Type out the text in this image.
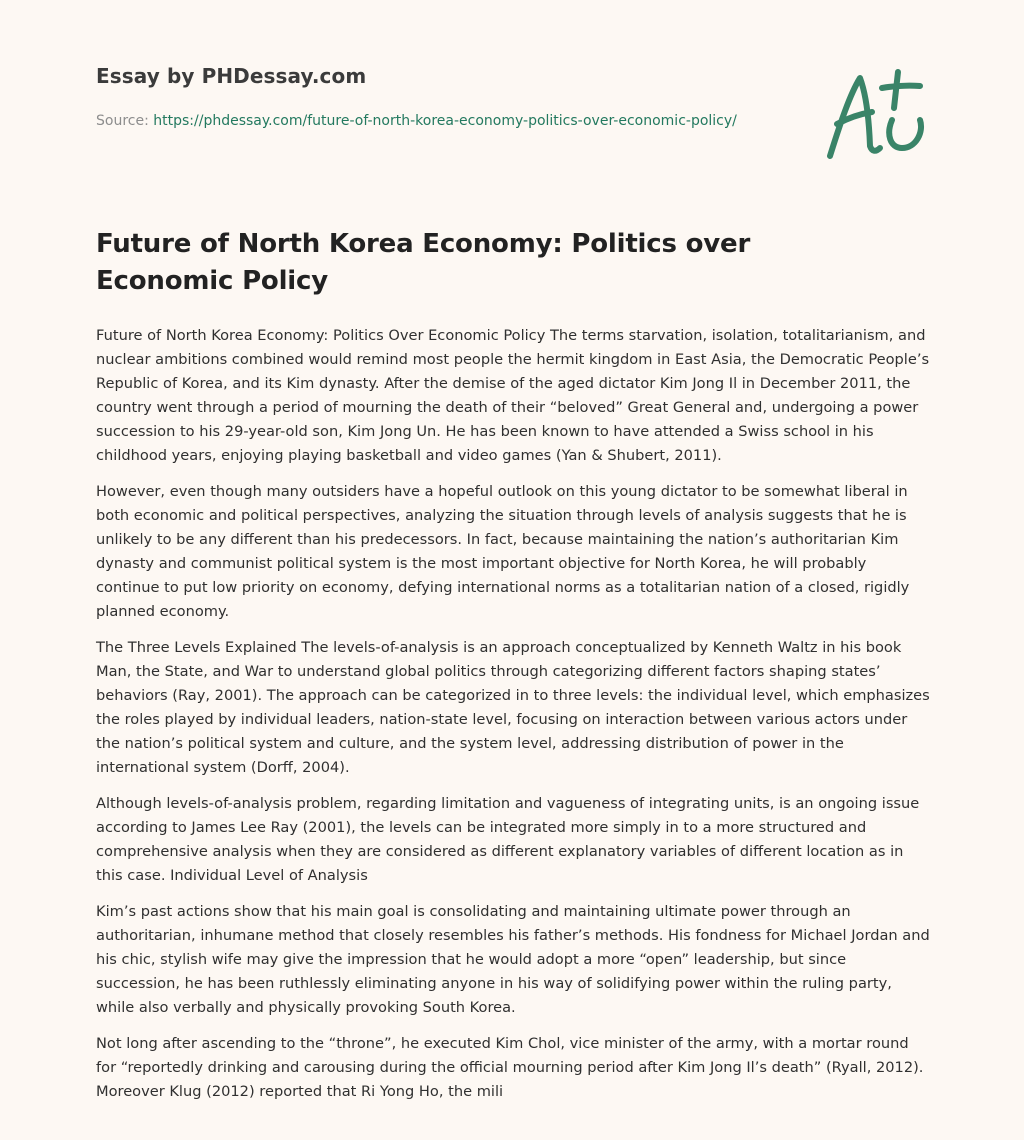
Essay by PHDessay.com
Source: https://phdessay.com/future-of-north-korea-economy-politics-over-economic-policy/
Future of North Korea Economy: Politics over Economic Policy

Future of North Korea Economy: Politics Over Economic Policy The terms starvation, isolation, totalitarianism, and nuclear ambitions combined would remind most people the hermit kingdom in East Asia, the Democratic People’s Republic of Korea, and its Kim dynasty. After the demise of the aged dictator Kim Jong Il in December 2011, the country went through a period of mourning the death of their “beloved” Great General and, undergoing a power succession to his 29-year-old son, Kim Jong Un. He has been known to have attended a Swiss school in his childhood years, enjoying playing basketball and video games (Yan & Shubert, 2011).

However, even though many outsiders have a hopeful outlook on this young dictator to be somewhat liberal in both economic and political perspectives, analyzing the situation through levels of analysis suggests that he is unlikely to be any different than his predecessors. In fact, because maintaining the nation’s authoritarian Kim dynasty and communist political system is the most important objective for North Korea, he will probably continue to put low priority on economy, defying international norms as a totalitarian nation of a closed, rigidly planned economy.

The Three Levels Explained The levels-of-analysis is an approach conceptualized by Kenneth Waltz in his book Man, the State, and War to understand global politics through categorizing different factors shaping states’ behaviors (Ray, 2001). The approach can be categorized in to three levels: the individual level, which emphasizes the roles played by individual leaders, nation-state level, focusing on interaction between various actors under the nation’s political system and culture, and the system level, addressing distribution of power in the international system (Dorff, 2004).

Although levels-of-analysis problem, regarding limitation and vagueness of integrating units, is an ongoing issue according to James Lee Ray (2001), the levels can be integrated more simply in to a more structured and comprehensive analysis when they are considered as different explanatory variables of different location as in this case. Individual Level of Analysis

Kim’s past actions show that his main goal is consolidating and maintaining ultimate power through an authoritarian, inhumane method that closely resembles his father’s methods. His fondness for Michael Jordan and his chic, stylish wife may give the impression that he would adopt a more “open” leadership, but since succession, he has been ruthlessly eliminating anyone in his way of solidifying power within the ruling party, while also verbally and physically provoking South Korea.

Not long after ascending to the “throne”, he executed Kim Chol, vice minister of the army, with a mortar round for “reportedly drinking and carousing during the official mourning period after Kim Jong Il’s death” (Ryall, 2012). Moreover Klug (2012) reported that Ri Yong Ho, the mili
